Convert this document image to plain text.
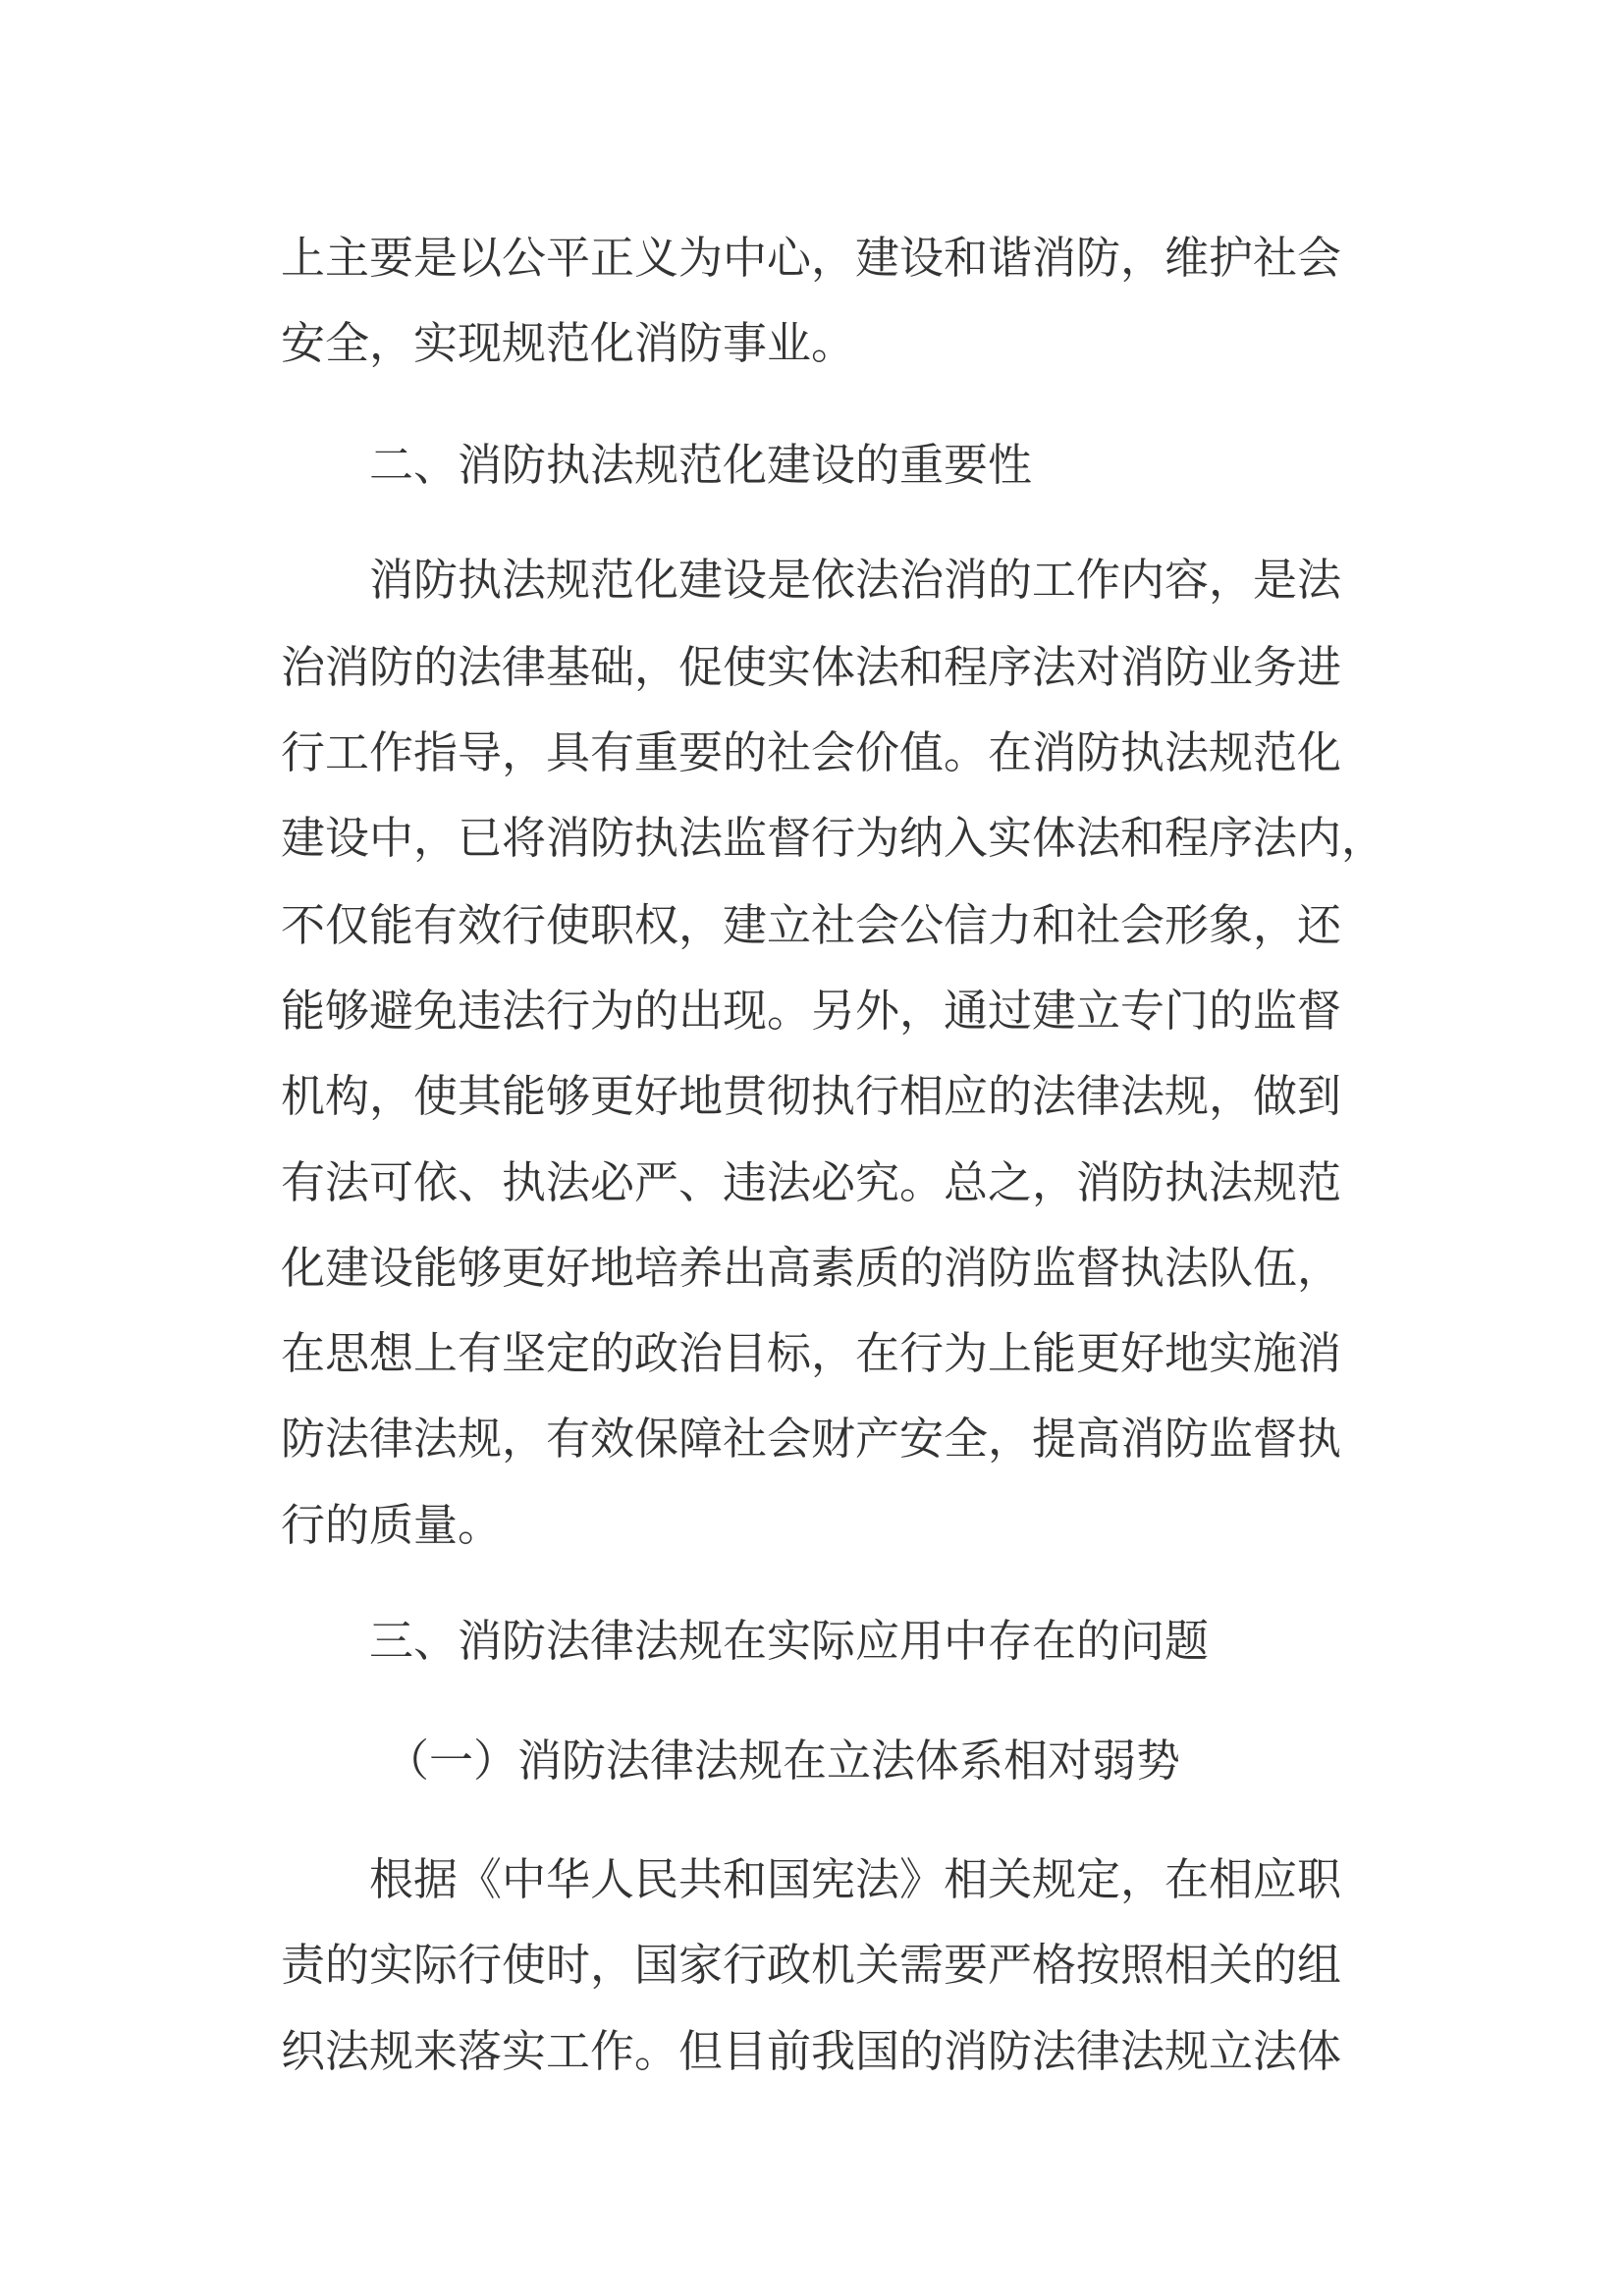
上主要是以公平正义为中心，建设和谐消防，维护社会
安全，实现规范化消防事业。
二、消防执法规范化建设的重要性
消防执法规范化建设是依法治消的工作内容，是法
治消防的法律基础，促使实体法和程序法对消防业务进
行工作指导，具有重要的社会价值。在消防执法规范化
建设中，已将消防执法监督行为纳入实体法和程序法内，
不仅能有效行使职权，建立社会公信力和社会形象，还
能够避免违法行为的出现。另外，通过建立专门的监督
机构，使其能够更好地贯彻执行相应的法律法规，做到
有法可依、执法必严、违法必究。总之，消防执法规范
化建设能够更好地培养出高素质的消防监督执法队伍，
在思想上有坚定的政治目标，在行为上能更好地实施消
防法律法规，有效保障社会财产安全，提高消防监督执
行的质量。
三、消防法律法规在实际应用中存在的问题
（一）消防法律法规在立法体系相对弱势
根据《中华人民共和国宪法》相关规定，在相应职
责的实际行使时，国家行政机关需要严格按照相关的组
织法规来落实工作。但目前我国的消防法律法规立法体
